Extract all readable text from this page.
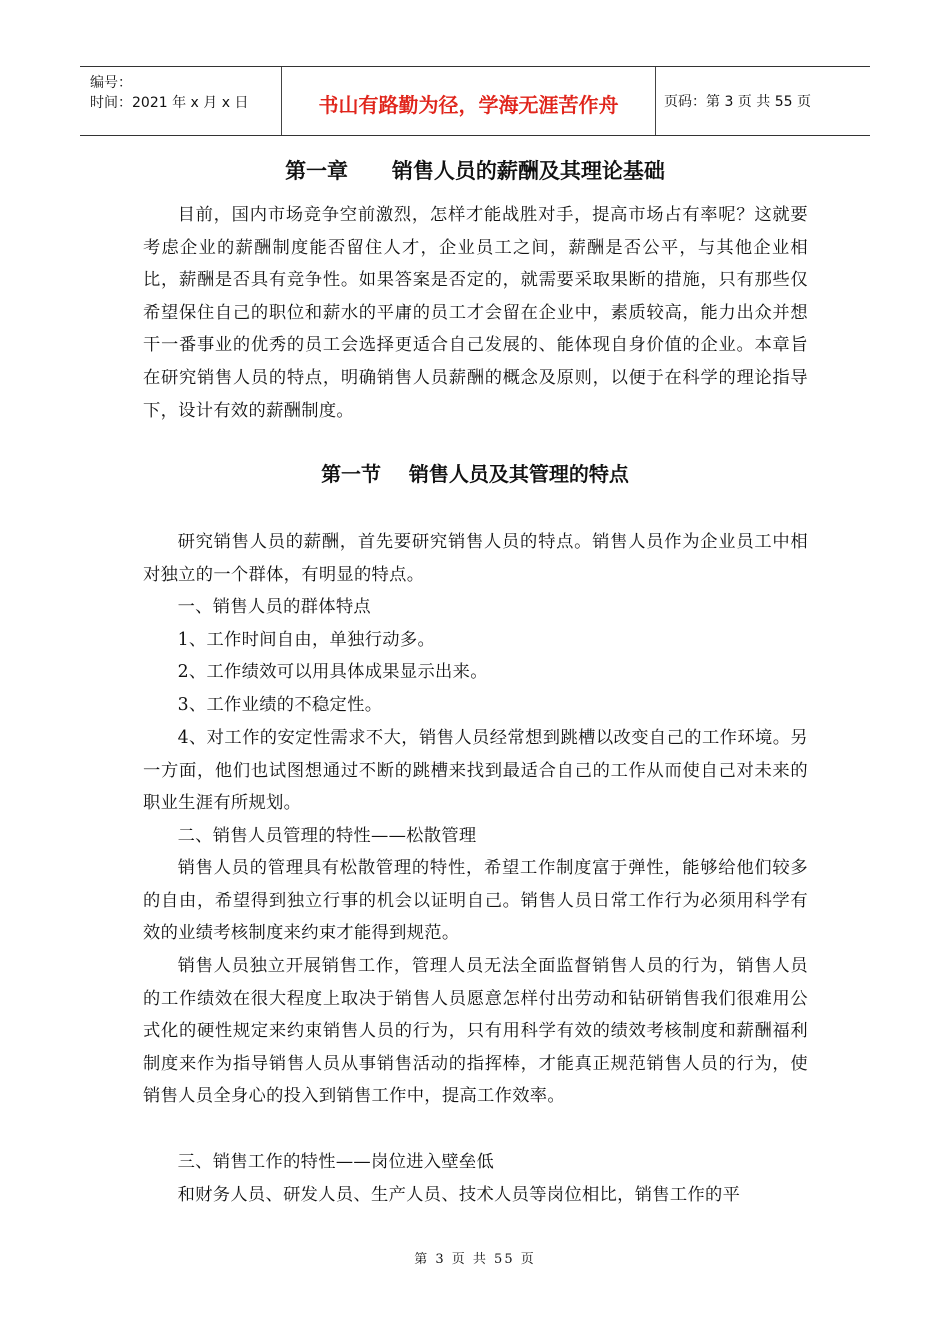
编号：
时间：2021 年 x 月 x 日	书山有路勤为径，学海无涯苦作舟	页码：第 3 页 共 55 页
第一章      销售人员的薪酬及其理论基础
目前，国内市场竞争空前激烈，怎样才能战胜对手，提高市场占有率呢？这就要考虑企业的薪酬制度能否留住人才，企业员工之间，薪酬是否公平，与其他企业相比，薪酬是否具有竞争性。如果答案是否定的，就需要采取果断的措施，只有那些仅希望保住自己的职位和薪水的平庸的员工才会留在企业中，素质较高，能力出众并想干一番事业的优秀的员工会选择更适合自己发展的、能体现自身价值的企业。本章旨在研究销售人员的特点，明确销售人员薪酬的概念及原则，以便于在科学的理论指导下，设计有效的薪酬制度。
第一节    销售人员及其管理的特点
研究销售人员的薪酬，首先要研究销售人员的特点。销售人员作为企业员工中相对独立的一个群体，有明显的特点。
一、销售人员的群体特点
1、工作时间自由，单独行动多。
2、工作绩效可以用具体成果显示出来。
3、工作业绩的不稳定性。
4、对工作的安定性需求不大，销售人员经常想到跳槽以改变自己的工作环境。另一方面，他们也试图想通过不断的跳槽来找到最适合自己的工作从而使自己对未来的职业生涯有所规划。
二、销售人员管理的特性——松散管理
销售人员的管理具有松散管理的特性，希望工作制度富于弹性，能够给他们较多的自由，希望得到独立行事的机会以证明自己。销售人员日常工作行为必须用科学有效的业绩考核制度来约束才能得到规范。
销售人员独立开展销售工作，管理人员无法全面监督销售人员的行为，销售人员的工作绩效在很大程度上取决于销售人员愿意怎样付出劳动和钻研销售我们很难用公式化的硬性规定来约束销售人员的行为，只有用科学有效的绩效考核制度和薪酬福利制度来作为指导销售人员从事销售活动的指挥棒，才能真正规范销售人员的行为，使销售人员全身心的投入到销售工作中，提高工作效率。
三、销售工作的特性——岗位进入壁垒低
和财务人员、研发人员、生产人员、技术人员等岗位相比，销售工作的平
第 3 页 共 55 页
